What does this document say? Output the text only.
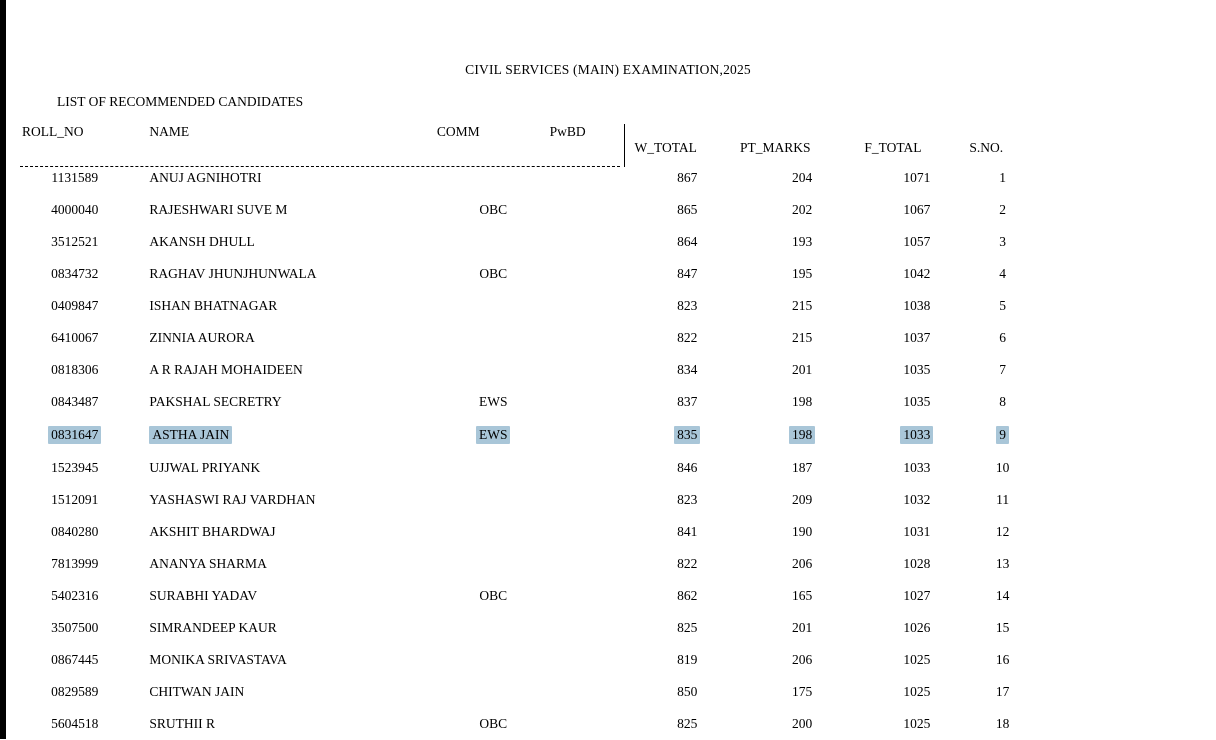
CIVIL SERVICES (MAIN) EXAMINATION,2025
LIST OF RECOMMENDED CANDIDATES
ROLL_NO	NAME	COMM	PwBD	W_TOTAL	PT_MARKS	F_TOTAL	S.NO.
1131589	ANUJ AGNIHOTRI			867	204	1071	1
4000040	RAJESHWARI SUVE M	OBC		865	202	1067	2
3512521	AKANSH DHULL			864	193	1057	3
0834732	RAGHAV JHUNJHUNWALA	OBC		847	195	1042	4
0409847	ISHAN BHATNAGAR			823	215	1038	5
6410067	ZINNIA AURORA			822	215	1037	6
0818306	A R RAJAH MOHAIDEEN			834	201	1035	7
0843487	PAKSHAL SECRETRY	EWS		837	198	1035	8
0831647	ASTHA JAIN	EWS		835	198	1033	9
1523945	UJJWAL PRIYANK			846	187	1033	10
1512091	YASHASWI RAJ VARDHAN			823	209	1032	11
0840280	AKSHIT BHARDWAJ			841	190	1031	12
7813999	ANANYA SHARMA			822	206	1028	13
5402316	SURABHI YADAV	OBC		862	165	1027	14
3507500	SIMRANDEEP KAUR			825	201	1026	15
0867445	MONIKA SRIVASTAVA			819	206	1025	16
0829589	CHITWAN JAIN			850	175	1025	17
5604518	SRUTHII R	OBC		825	200	1025	18
